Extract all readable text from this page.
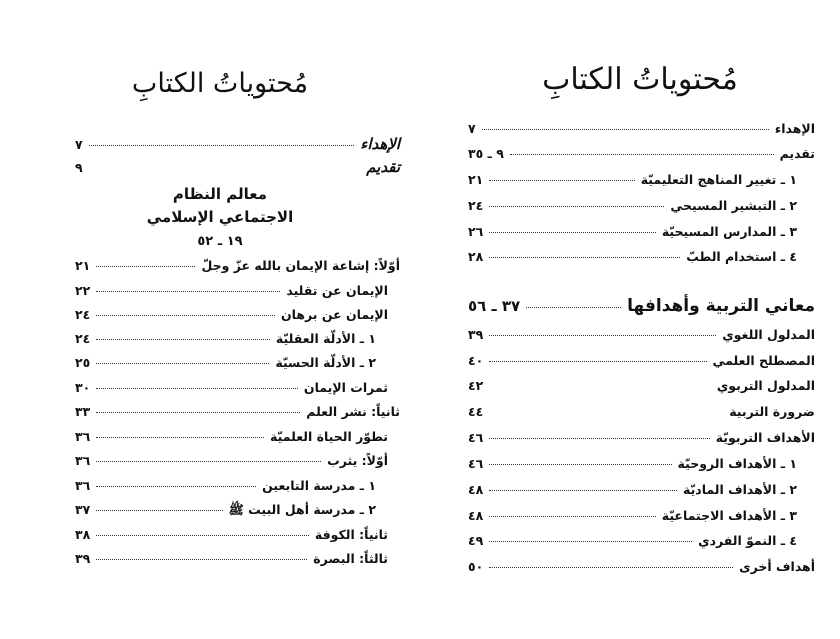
مُحتوياتُ الكتابِ
الإهداء
٧
تقديم
٩ ـ ٣٥
١ ـ تغيير المناهج التعليميّة
٢١
٢ ـ التبشير المسيحي
٢٤
٣ ـ المدارس المسيحيّة
٢٦
٤ ـ استخدام الطبّ
٢٨
معاني التربية وأهدافها
٣٧ ـ ٥٦
المدلول اللغوي
٣٩
المصطلح العلمي
٤٠
المدلول التربوي
٤٢
ضرورة التربية
٤٤
الأهداف التربويّة
٤٦
١ ـ الأهداف الروحيّة
٤٦
٢ ـ الأهداف الماديّة
٤٨
٣ ـ الأهداف الاجتماعيّة
٤٨
٤ ـ النموّ الفردي
٤٩
أهداف أخرى
٥٠
مُحتوياتُ الكتابِ
الإهداء
٧
تقديم
٩
معالم النظام
الاجتماعي الإسلامي
١٩ ـ ٥٢
أوّلاً: إشاعة الإيمان بالله عزّ وجلّ
٢١
الإيمان عن تقليد
٢٢
الإيمان عن برهان
٢٤
١ ـ الأدلّة العقليّة
٢٤
٢ ـ الأدلّة الحسيّة
٢٥
ثمرات الإيمان
٣٠
ثانياً: نشر العلم
٣٣
تطوّر الحياة العلميّة
٣٦
أوّلاً: يثرب
٣٦
١ ـ مدرسة التابعين
٣٦
٢ ـ مدرسة أهل البيت ﷺ
٣٧
ثانياً: الكوفة
٣٨
ثالثاً: البصرة
٣٩
